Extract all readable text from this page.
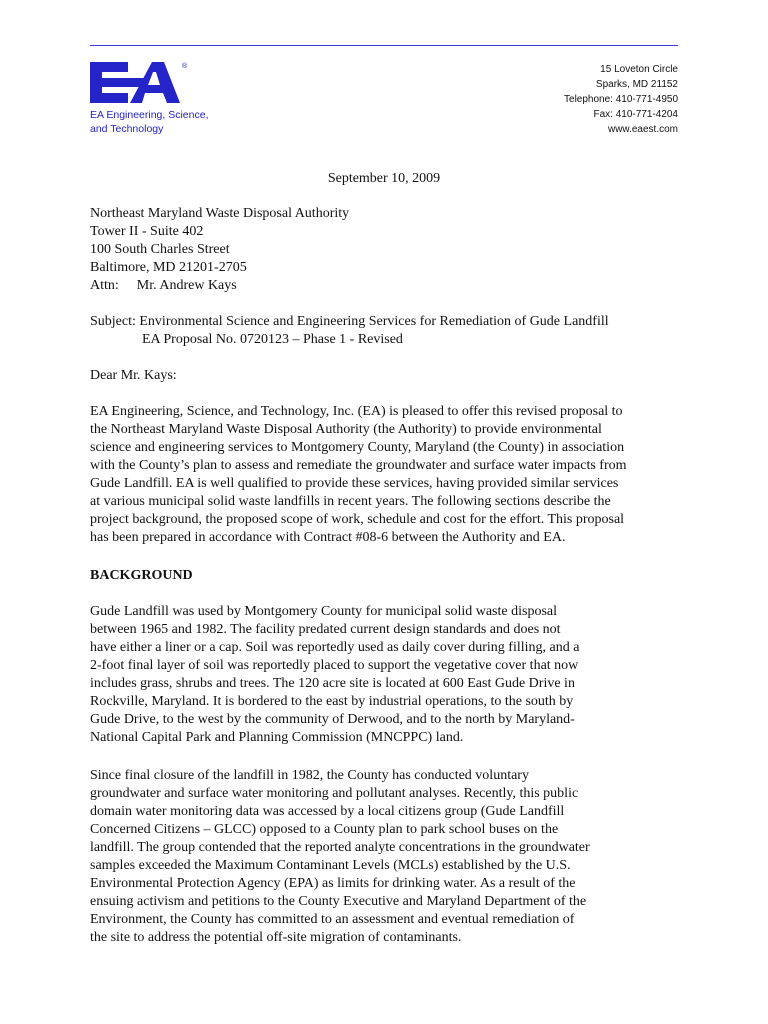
®
EA Engineering, Science,
and Technology
15 Loveton Circle
Sparks, MD 21152
Telephone: 410-771-4950
Fax: 410-771-4204
www.eaest.com
September 10, 2009
Northeast Maryland Waste Disposal Authority
Tower II - Suite 402
100 South Charles Street
Baltimore, MD 21201-2705
Attn: Mr. Andrew Kays
Subject: Environmental Science and Engineering Services for Remediation of Gude Landfill
EA Proposal No. 0720123 – Phase 1 - Revised
Dear Mr. Kays:
EA Engineering, Science, and Technology, Inc. (EA) is pleased to offer this revised proposal to
the Northeast Maryland Waste Disposal Authority (the Authority) to provide environmental
science and engineering services to Montgomery County, Maryland (the County) in association
with the County’s plan to assess and remediate the groundwater and surface water impacts from
Gude Landfill. EA is well qualified to provide these services, having provided similar services
at various municipal solid waste landfills in recent years. The following sections describe the
project background, the proposed scope of work, schedule and cost for the effort. This proposal
has been prepared in accordance with Contract #08-6 between the Authority and EA.
BACKGROUND
Gude Landfill was used by Montgomery County for municipal solid waste disposal
between 1965 and 1982. The facility predated current design standards and does not
have either a liner or a cap. Soil was reportedly used as daily cover during filling, and a
2-foot final layer of soil was reportedly placed to support the vegetative cover that now
includes grass, shrubs and trees. The 120 acre site is located at 600 East Gude Drive in
Rockville, Maryland. It is bordered to the east by industrial operations, to the south by
Gude Drive, to the west by the community of Derwood, and to the north by Maryland-
National Capital Park and Planning Commission (MNCPPC) land.
Since final closure of the landfill in 1982, the County has conducted voluntary
groundwater and surface water monitoring and pollutant analyses. Recently, this public
domain water monitoring data was accessed by a local citizens group (Gude Landfill
Concerned Citizens – GLCC) opposed to a County plan to park school buses on the
landfill. The group contended that the reported analyte concentrations in the groundwater
samples exceeded the Maximum Contaminant Levels (MCLs) established by the U.S.
Environmental Protection Agency (EPA) as limits for drinking water. As a result of the
ensuing activism and petitions to the County Executive and Maryland Department of the
Environment, the County has committed to an assessment and eventual remediation of
the site to address the potential off-site migration of contaminants.
